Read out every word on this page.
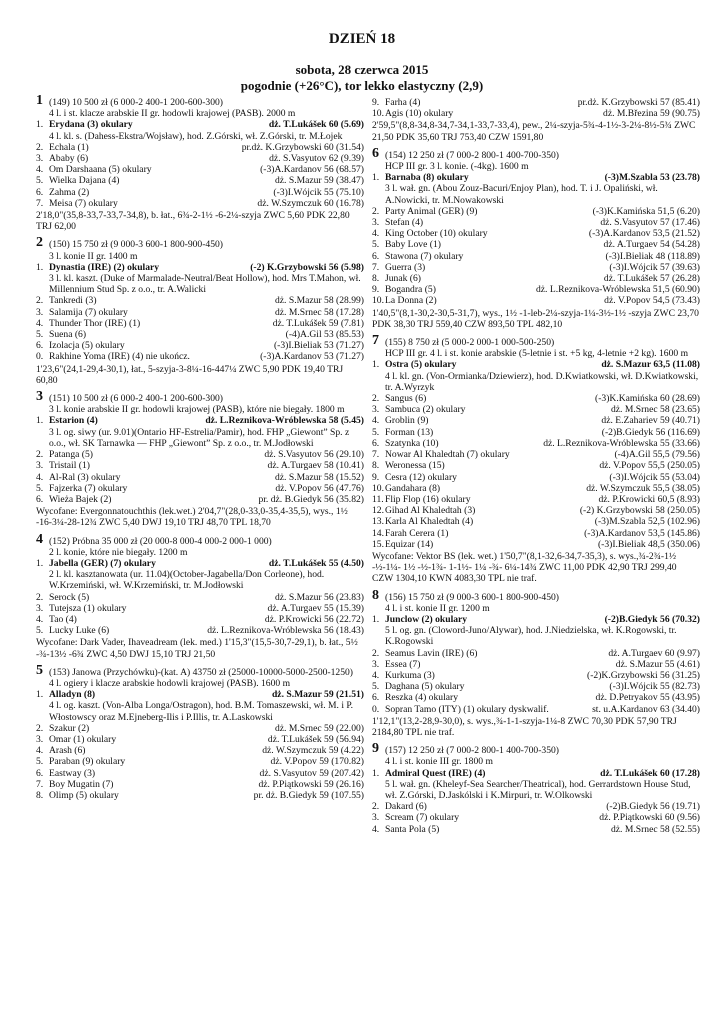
DZIEŃ 18
sobota, 28 czerwca 2015
pogodnie (+26°C), tor lekko elastyczny (2,9)
1 (149) 10 500 zł (6 000-2 400-1 200-600-300)
4 l. i st. klacze arabskie II gr. hodowli krajowej (PASB). 2000 m
1. Erydana (3) okulary	dż. T.Lukášek 60 (5.69)
4 l. kl. s. (Dahess-Ekstra/Wojsław), hod. Z.Górski, wł. Z.Górski, tr. M.Łojek
2. Echala (1)	pr.dż. K.Grzybowski 60 (31.54)
3. Ababy (6)	dż. S.Vasyutov 62 (9.39)
4. Om Darshaana (5) okulary	(-3)A.Kardanov 56 (68.57)
5. Wielka Dajana (4)	dż. S.Mazur 59 (38.47)
6. Zahma (2)	(-3)I.Wójcik 55 (75.10)
7. Meisa (7) okulary	dż. W.Szymczuk 60 (16.78)
2'18,0"(35,8-33,7-33,7-34,8), b. łat., 6¾-2-1½ -6-2¼-szyja ZWC 5,60 PDK 22,80 TRJ 62,00
2 (150) 15 750 zł (9 000-3 600-1 800-900-450)
3 l. konie II gr. 1400 m
1. Dynastia (IRE) (2) okulary	(-2) K.Grzybowski 56 (5.98)
3 l. kl. kaszt. (Duke of Marmalade-Neutral/Beat Hollow), hod. Mrs T.Mahon, wł. Millennium Stud Sp. z o.o., tr. A.Walicki
2. Tankredi (3)	dż. S.Mazur 58 (28.99)
3. Salamija (7) okulary	dż. M.Srnec 58 (17.28)
4. Thunder Thor (IRE) (1)	dż. T.Lukášek 59 (7.81)
5. Suena (6)	(-4)A.Gil 53 (85.53)
6. Izolacja (5) okulary	(-3)I.Bieliak 53 (71.27)
0. Rakhine Yoma (IRE) (4) nie ukończ.	(-3)A.Kardanov 53 (71.27)
1'23,6"(24,1-29,4-30,1), łat., 5-szyja-3-8¼-16-447¼ ZWC 5,90 PDK 19,40 TRJ 60,80
3 (151) 10 500 zł (6 000-2 400-1 200-600-300)
3 l. konie arabskie II gr. hodowli krajowej (PASB), które nie biegały. 1800 m
1. Estarion (4)	dż. L.Reznikova-Wróblewska 58 (5.45)
3 l. og. siwy (ur. 9.01)(Ontario HF-Estrelia/Pamir), hod. FHP „Giewont” Sp. z o.o., wł. SK Tarnawka — FHP „Giewont” Sp. z o.o., tr. M.Jodłowski
2. Patanga (5)	dż. S.Vasyutov 56 (29.10)
3. Tristail (1)	dż. A.Turgaev 58 (10.41)
4. Al-Ral (3) okulary	dż. S.Mazur 58 (15.52)
5. Fajzerka (7) okulary	dż. V.Popov 56 (47.76)
6. Wieża Bajek (2)	pr. dż. B.Giedyk 56 (35.82)
Wycofane: Evergonnatouchthis (lek.wet.) 2'04,7"(28,0-33,0-35,4-35,5), wys., 1½ -16-3¼-28-12¾ ZWC 5,40 DWJ 19,10 TRJ 48,70 TPL 18,70
4 (152) Próbna 35 000 zł (20 000-8 000-4 000-2 000-1 000)
2 l. konie, które nie biegały. 1200 m
1. Jabella (GER) (7) okulary	dż. T.Lukášek 55 (4.50)
2 l. kl. kasztanowata (ur. 11.04)(October-Jagabella/Don Corleone), hod. W.Krzemiński, wł. W.Krzemiński, tr. M.Jodłowski
2. Serock (5)	dż. S.Mazur 56 (23.83)
3. Tutejsza (1) okulary	dż. A.Turgaev 55 (15.39)
4. Tao (4)	dż. P.Krowicki 56 (22.72)
5. Lucky Luke (6)	dż. L.Reznikova-Wróblewska 56 (18.43)
Wycofane: Dark Vader, Ihaveadream (lek. med.) 1'15,3"(15,5-30,7-29,1), b. łat., 5½ -¾-13½ -6¾ ZWC 4,50 DWJ 15,10 TRJ 21,50
5 (153) Janowa (Przychówku)-(kat. A) 43750 zł (25000-10000-5000-2500-1250)
4 l. ogiery i klacze arabskie hodowli krajowej (PASB). 1600 m
1. Alladyn (8)	dż. S.Mazur 59 (21.51)
4 l. og. kaszt. (Von-Alba Longa/Ostragon), hod. B.M. Tomaszewski, wł. M. i P. Włostowscy oraz M.Ejneberg-Ilis i P.Illis, tr. A.Laskowski
2. Szakur (2)	dż. M.Srnec 59 (22.00)
3. Omar (1) okulary	dż. T.Lukášek 59 (56.94)
4. Arash (6)	dż. W.Szymczuk 59 (4.22)
5. Paraban (9) okulary	dż. V.Popov 59 (170.82)
6. Eastway (3)	dż. S.Vasyutov 59 (207.42)
7. Boy Mugatin (7)	dż. P.Piątkowski 59 (26.16)
8. Olimp (5) okulary	pr. dż. B.Giedyk 59 (107.55)
9. Farha (4)	pr.dż. K.Grzybowski 57 (85.41)
10. Agis (10) okulary	dż. M.Březina 59 (90.75)
2'59,5"(8,8-34,8-34,7-34,1-33,7-33,4), pew., 2¼-szyja-5¾-4-1½-3-2¼-8½-5¾ ZWC 21,50 PDK 35,60 TRJ 753,40 CZW 1591,80
6 (154) 12 250 zł (7 000-2 800-1 400-700-350)
HCP III gr. 3 l. konie. (-4kg). 1600 m
1. Barnaba (8) okulary	(-3)M.Szabla 53 (23.78)
3 l. wał. gn. (Abou Zouz-Bacuri/Enjoy Plan), hod. T. i J. Opaliński, wł. A.Nowicki, tr. M.Nowakowski
2. Party Animal (GER) (9)	(-3)K.Kamińska 51,5 (6.20)
3. Stefan (4)	dż. S.Vasyutov 57 (17.46)
4. King October (10) okulary	(-3)A.Kardanov 53,5 (21.52)
5. Baby Love (1)	dż. A.Turgaev 54 (54.28)
6. Stawona (7) okulary	(-3)I.Bieliak 48 (118.89)
7. Guerra (3)	(-3)I.Wójcik 57 (39.63)
8. Junak (6)	dż. T.Lukášek 57 (26.28)
9. Bogandra (5)	dż. L.Reznikova-Wróblewska 51,5 (60.90)
10. La Donna (2)	dż. V.Popov 54,5 (73.43)
1'40,5"(8,1-30,2-30,5-31,7), wys., 1½ -1-leb-2¼-szyja-1¼-3½-1½ -szyja ZWC 23,70 PDK 38,30 TRJ 559,40 CZW 893,50 TPL 482,10
7 (155) 8 750 zł (5 000-2 000-1 000-500-250)
HCP III gr. 4 l. i st. konie arabskie (5-letnie i st. +5 kg, 4-letnie +2 kg). 1600 m
1. Ostra (5) okulary	dż. S.Mazur 63,5 (11.08)
4 l. kl. gn. (Von-Ormianka/Dziewierz), hod. D.Kwiatkowski, wł. D.Kwiatkowski, tr. A.Wyrzyk
2. Sangus (6)	(-3)K.Kamińska 60 (28.69)
3. Sambuca (2) okulary	dż. M.Srnec 58 (23.65)
4. Groblin (9)	dż. E.Zahariev 59 (40.71)
5. Forman (13)	(-2)B.Giedyk 56 (116.69)
6. Szatynka (10)	dż. L.Reznikova-Wróblewska 55 (33.66)
7. Nowar Al Khaledtah (7) okulary	(-4)A.Gil 55,5 (79.56)
8. Weronessa (15)	dż. V.Popov 55,5 (250.05)
9. Cesra (12) okulary	(-3)I.Wójcik 55 (53.04)
10. Gandahara (8)	dż. W.Szymczuk 55,5 (38.05)
11. Flip Flop (16) okulary	dż. P.Krowicki 60,5 (8.93)
12. Gihad Al Khaledtah (3)	(-2) K.Grzybowski 58 (250.05)
13. Karla Al Khaledtah (4)	(-3)M.Szabla 52,5 (102.96)
14. Farah Cerera (1)	(-3)A.Kardanov 53,5 (145.86)
15. Equizar (14)	(-3)I.Bieliak 48,5 (350.06)
Wycofane: Vektor BS (lek. wet.) 1'50,7"(8,1-32,6-34,7-35,3), s. wys.,¾-2¾-1½ -½-1¼- 1½ -½-1¾- 1-1½- 1¼ -¾- 6¼-14¾ ZWC 11,00 PDK 42,90 TRJ 299,40 CZW 1304,10 KWN 4083,30 TPL nie traf.
8 (156) 15 750 zł (9 000-3 600-1 800-900-450)
4 l. i st. konie II gr. 1200 m
1. Junclow (2) okulary	(-2)B.Giedyk 56 (70.32)
5 l. og. gn. (Cloword-Juno/Alywar), hod. J.Niedzielska, wł. K.Rogowski, tr. K.Rogowski
2. Seamus Lavin (IRE) (6)	dż. A.Turgaev 60 (9.97)
3. Essea (7)	dż. S.Mazur 55 (4.61)
4. Kurkuma (3)	(-2)K.Grzybowski 56 (31.25)
5. Daghana (5) okulary	(-3)I.Wójcik 55 (82.73)
6. Reszka (4) okulary	dż. D.Petryakov 55 (43.95)
0. Sopran Tamo (ITY) (1) okulary dyskwalif.	st. u.A.Kardanov 63 (34.40)
1'12,1"(13,2-28,9-30,0), s. wys.,¾-1-1-szyja-1¼-8 ZWC 70,30 PDK 57,90 TRJ 2184,80 TPL nie traf.
9 (157) 12 250 zł (7 000-2 800-1 400-700-350)
4 l. i st. konie III gr. 1800 m
1. Admiral Quest (IRE) (4)	dż. T.Lukášek 60 (17.28)
5 l. wał. gn. (Kheleyf-Sea Searcher/Theatrical), hod. Gerrardstown House Stud, wł. Z.Górski, D.Jaskólski i K.Mirpuri, tr. W.Olkowski
2. Dakard (6)	(-2)B.Giedyk 56 (19.71)
3. Scream (7) okulary	dż. P.Piątkowski 60 (9.56)
4. Santa Pola (5)	dż. M.Srnec 58 (52.55)
